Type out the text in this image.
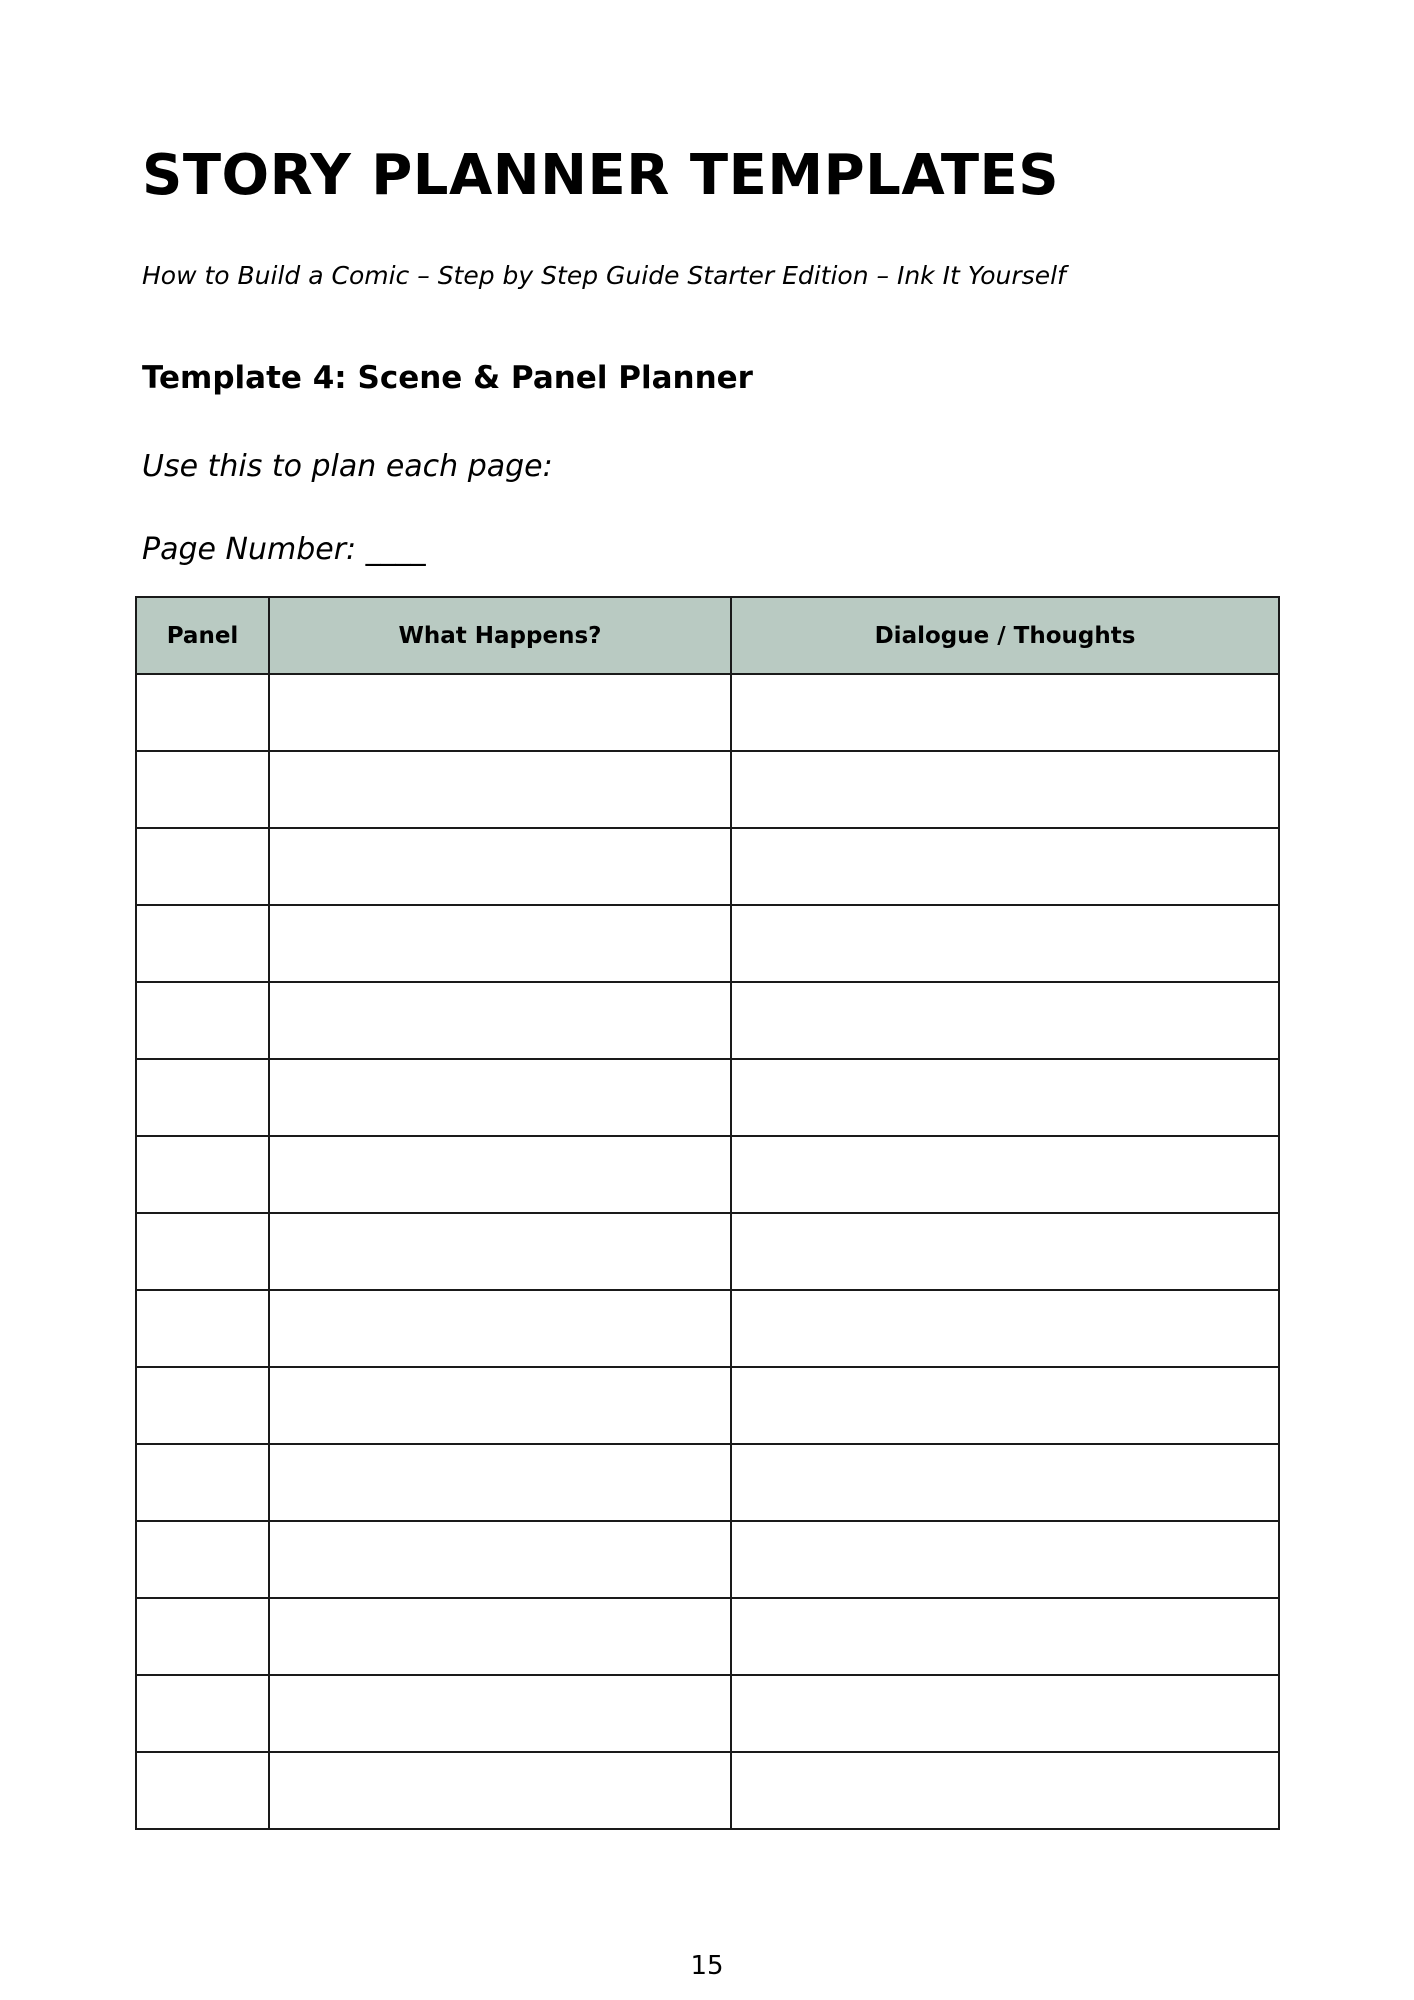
STORY PLANNER TEMPLATES

How to Build a Comic – Step by Step Guide Starter Edition – Ink It Yourself

Template 4: Scene & Panel Planner

Use this to plan each page:

Page Number: ____

Panel	What Happens?	Dialogue / Thoughts

15
